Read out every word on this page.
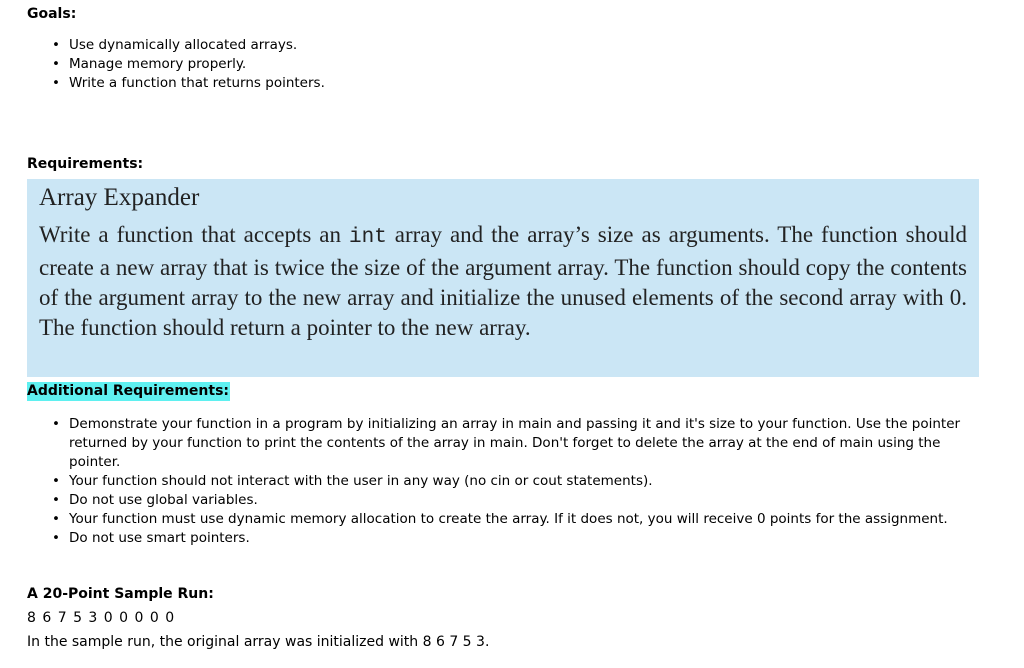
Goals:
• Use dynamically allocated arrays.
• Manage memory properly.
• Write a function that returns pointers.
Requirements:
Array Expander
Write a function that accepts an int array and the array’s size as arguments. The function should create a new array that is twice the size of the argument array. The function should copy the contents of the argument array to the new array and initialize the unused elements of the second array with 0. The function should return a pointer to the new array.
Additional Requirements:
• Demonstrate your function in a program by initializing an array in main and passing it and it's size to your function. Use the pointer returned by your function to print the contents of the array in main. Don't forget to delete the array at the end of main using the pointer.
• Your function should not interact with the user in any way (no cin or cout statements).
• Do not use global variables.
• Your function must use dynamic memory allocation to create the array. If it does not, you will receive 0 points for the assignment.
• Do not use smart pointers.
A 20-Point Sample Run:
8 6 7 5 3 0 0 0 0 0
In the sample run, the original array was initialized with 8 6 7 5 3.
